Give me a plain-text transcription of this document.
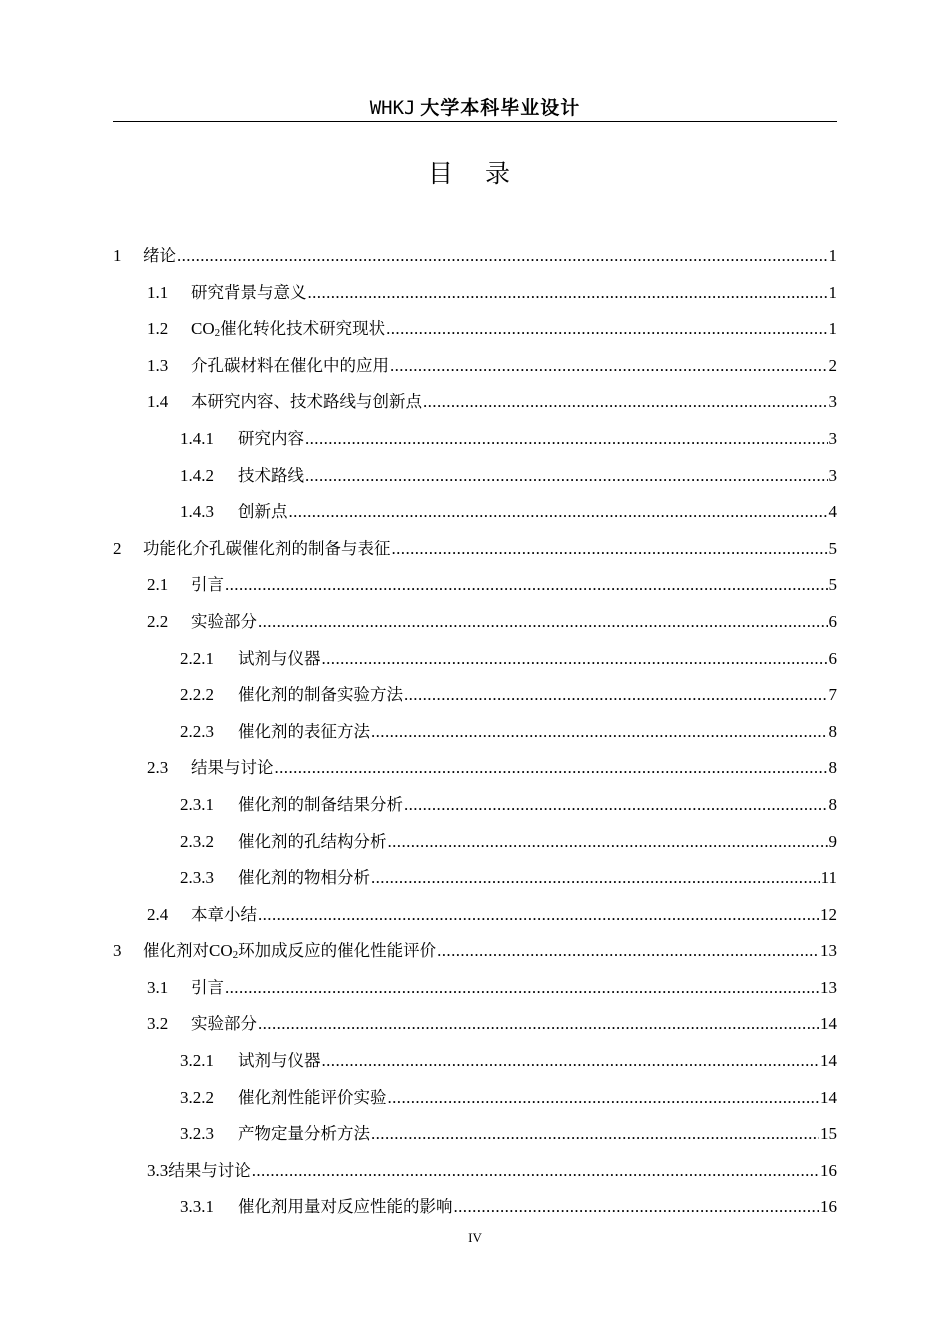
WHKJ 大学本科毕业设计
目 录
1	绪论 .....	1
1.1	研究背景与意义 .....	1
1.2	CO2催化转化技术研究现状 .....	1
1.3	介孔碳材料在催化中的应用 .....	2
1.4	本研究内容、技术路线与创新点 .....	3
1.4.1	研究内容 .....	3
1.4.2	技术路线 .....	3
1.4.3	创新点 .....	4
2	功能化介孔碳催化剂的制备与表征 .....	5
2.1	引言 .....	5
2.2	实验部分 .....	6
2.2.1	试剂与仪器 .....	6
2.2.2	催化剂的制备实验方法 .....	7
2.2.3	催化剂的表征方法 .....	8
2.3	结果与讨论 .....	8
2.3.1	催化剂的制备结果分析 .....	8
2.3.2	催化剂的孔结构分析 .....	9
2.3.3	催化剂的物相分析 .....	11
2.4	本章小结 .....	12
3	催化剂对CO2环加成反应的催化性能评价 .....	13
3.1	引言 .....	13
3.2	实验部分 .....	14
3.2.1	试剂与仪器 .....	14
3.2.2	催化剂性能评价实验 .....	14
3.2.3	产物定量分析方法 .....	15
3.3 结果与讨论 .....	16
3.3.1	催化剂用量对反应性能的影响 .....	16
IV
